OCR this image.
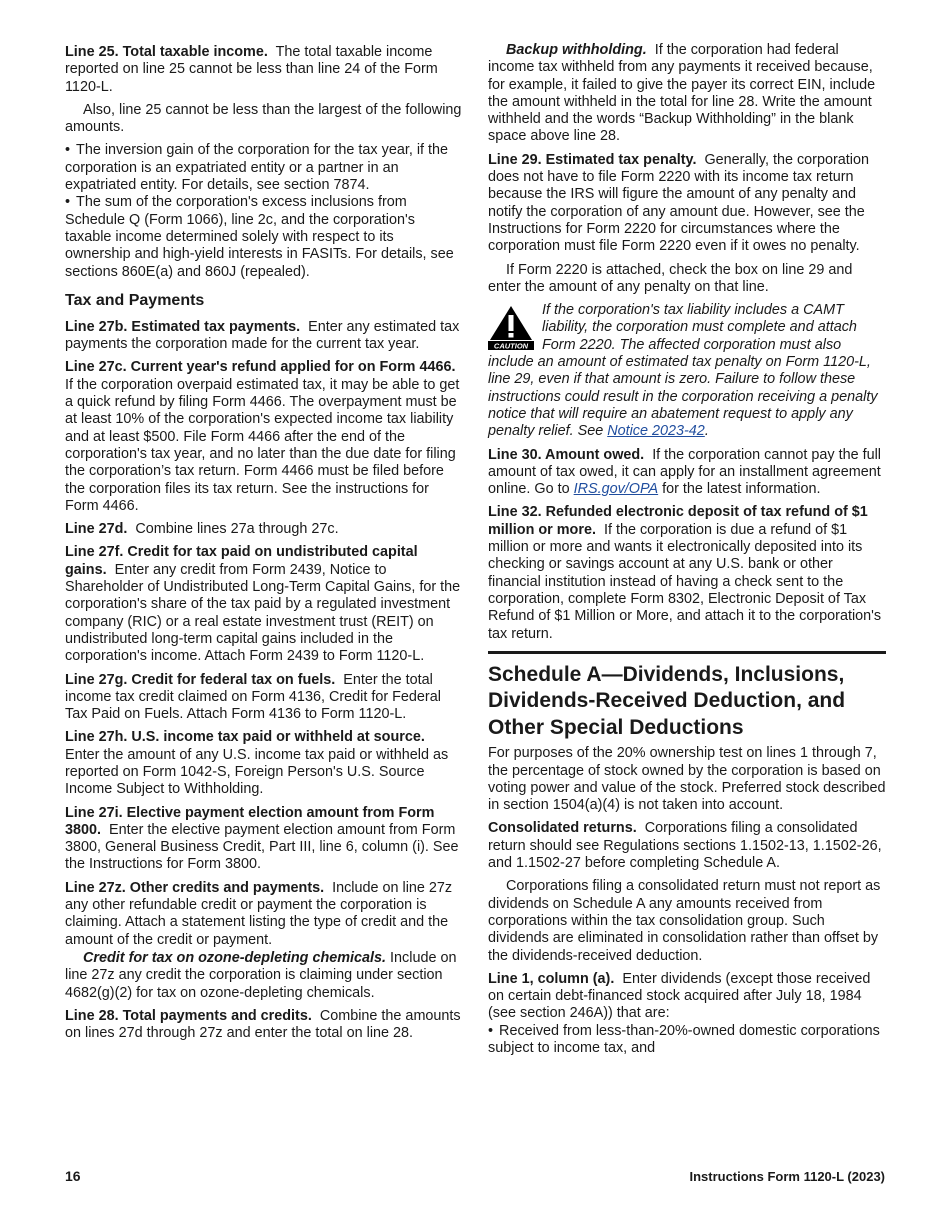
Line 25. Total taxable income. The total taxable income reported on line 25 cannot be less than line 24 of the Form 1120-L.

Also, line 25 cannot be less than the largest of the following amounts.

• The inversion gain of the corporation for the tax year, if the corporation is an expatriated entity or a partner in an expatriated entity. For details, see section 7874.

• The sum of the corporation's excess inclusions from Schedule Q (Form 1066), line 2c, and the corporation's taxable income determined solely with respect to its ownership and high-yield interests in FASITs. For details, see sections 860E(a) and 860J (repealed).

Tax and Payments

Line 27b. Estimated tax payments. Enter any estimated tax payments the corporation made for the current tax year.

Line 27c. Current year's refund applied for on Form 4466.  If the corporation overpaid estimated tax, it may be able to get a quick refund by filing Form 4466. The overpayment must be at least 10% of the corporation's expected income tax liability and at least $500. File Form 4466 after the end of the corporation's tax year, and no later than the due date for filing the corporation’s tax return. Form 4466 must be filed before the corporation files its tax return. See the instructions for Form 4466.

Line 27d. Combine lines 27a through 27c.

Line 27f. Credit for tax paid on undistributed capital gains. Enter any credit from Form 2439, Notice to Shareholder of Undistributed Long-Term Capital Gains, for the corporation's share of the tax paid by a regulated investment company (RIC) or a real estate investment trust (REIT) on undistributed long-term capital gains included in the corporation's income. Attach Form 2439 to Form 1120-L.

Line 27g. Credit for federal tax on fuels. Enter the total income tax credit claimed on Form 4136, Credit for Federal Tax Paid on Fuels. Attach Form 4136 to Form 1120-L.

Line 27h. U.S. income tax paid or withheld at source. Enter the amount of any U.S. income tax paid or withheld as reported on Form 1042-S, Foreign Person's U.S. Source Income Subject to Withholding.

Line 27i. Elective payment election amount from Form 3800. Enter the elective payment election amount from Form 3800, General Business Credit, Part III, line 6, column (i). See the Instructions for Form 3800.

Line 27z. Other credits and payments. Include on line 27z any other refundable credit or payment the corporation is claiming. Attach a statement listing the type of credit and the amount of the credit or payment.

Credit for tax on ozone-depleting chemicals. Include on line 27z any credit the corporation is claiming under section 4682(g)(2) for tax on ozone-depleting chemicals.

Line 28. Total payments and credits. Combine the amounts on lines 27d through 27z and enter the total on line 28.

Backup withholding. If the corporation had federal income tax withheld from any payments it received because, for example, it failed to give the payer its correct EIN, include the amount withheld in the total for line 28. Write the amount withheld and the words “Backup Withholding” in the blank space above line 28.

Line 29. Estimated tax penalty. Generally, the corporation does not have to file Form 2220 with its income tax return because the IRS will figure the amount of any penalty and notify the corporation of any amount due. However, see the Instructions for Form 2220 for circumstances where the corporation must file Form 2220 even if it owes no penalty.

If Form 2220 is attached, check the box on line 29 and enter the amount of any penalty on that line.

CAUTION
If the corporation's tax liability includes a CAMT liability, the corporation must complete and attach Form 2220. The affected corporation must also include an amount of estimated tax penalty on Form 1120-L, line 29, even if that amount is zero. Failure to follow these instructions could result in the corporation receiving a penalty notice that will require an abatement request to apply any penalty relief. See Notice 2023-42.

Line 30. Amount owed. If the corporation cannot pay the full amount of tax owed, it can apply for an installment agreement online. Go to IRS.gov/OPA for the latest information.

Line 32. Refunded electronic deposit of tax refund of $1 million or more. If the corporation is due a refund of $1 million or more and wants it electronically deposited into its checking or savings account at any U.S. bank or other financial institution instead of having a check sent to the corporation, complete Form 8302, Electronic Deposit of Tax Refund of $1 Million or More, and attach it to the corporation's tax return.

Schedule A—Dividends, Inclusions, Dividends-Received Deduction, and Other Special Deductions

For purposes of the 20% ownership test on lines 1 through 7, the percentage of stock owned by the corporation is based on voting power and value of the stock. Preferred stock described in section 1504(a)(4) is not taken into account.

Consolidated returns. Corporations filing a consolidated return should see Regulations sections 1.1502-13, 1.1502-26, and 1.1502-27 before completing Schedule A.

Corporations filing a consolidated return must not report as dividends on Schedule A any amounts received from corporations within the tax consolidation group. Such dividends are eliminated in consolidation rather than offset by the dividends-received deduction.

Line 1, column (a). Enter dividends (except those received on certain debt-financed stock acquired after July 18, 1984 (see section 246A)) that are:

• Received from less-than-20%-owned domestic corporations subject to income tax, and

16	Instructions Form 1120-L (2023)
